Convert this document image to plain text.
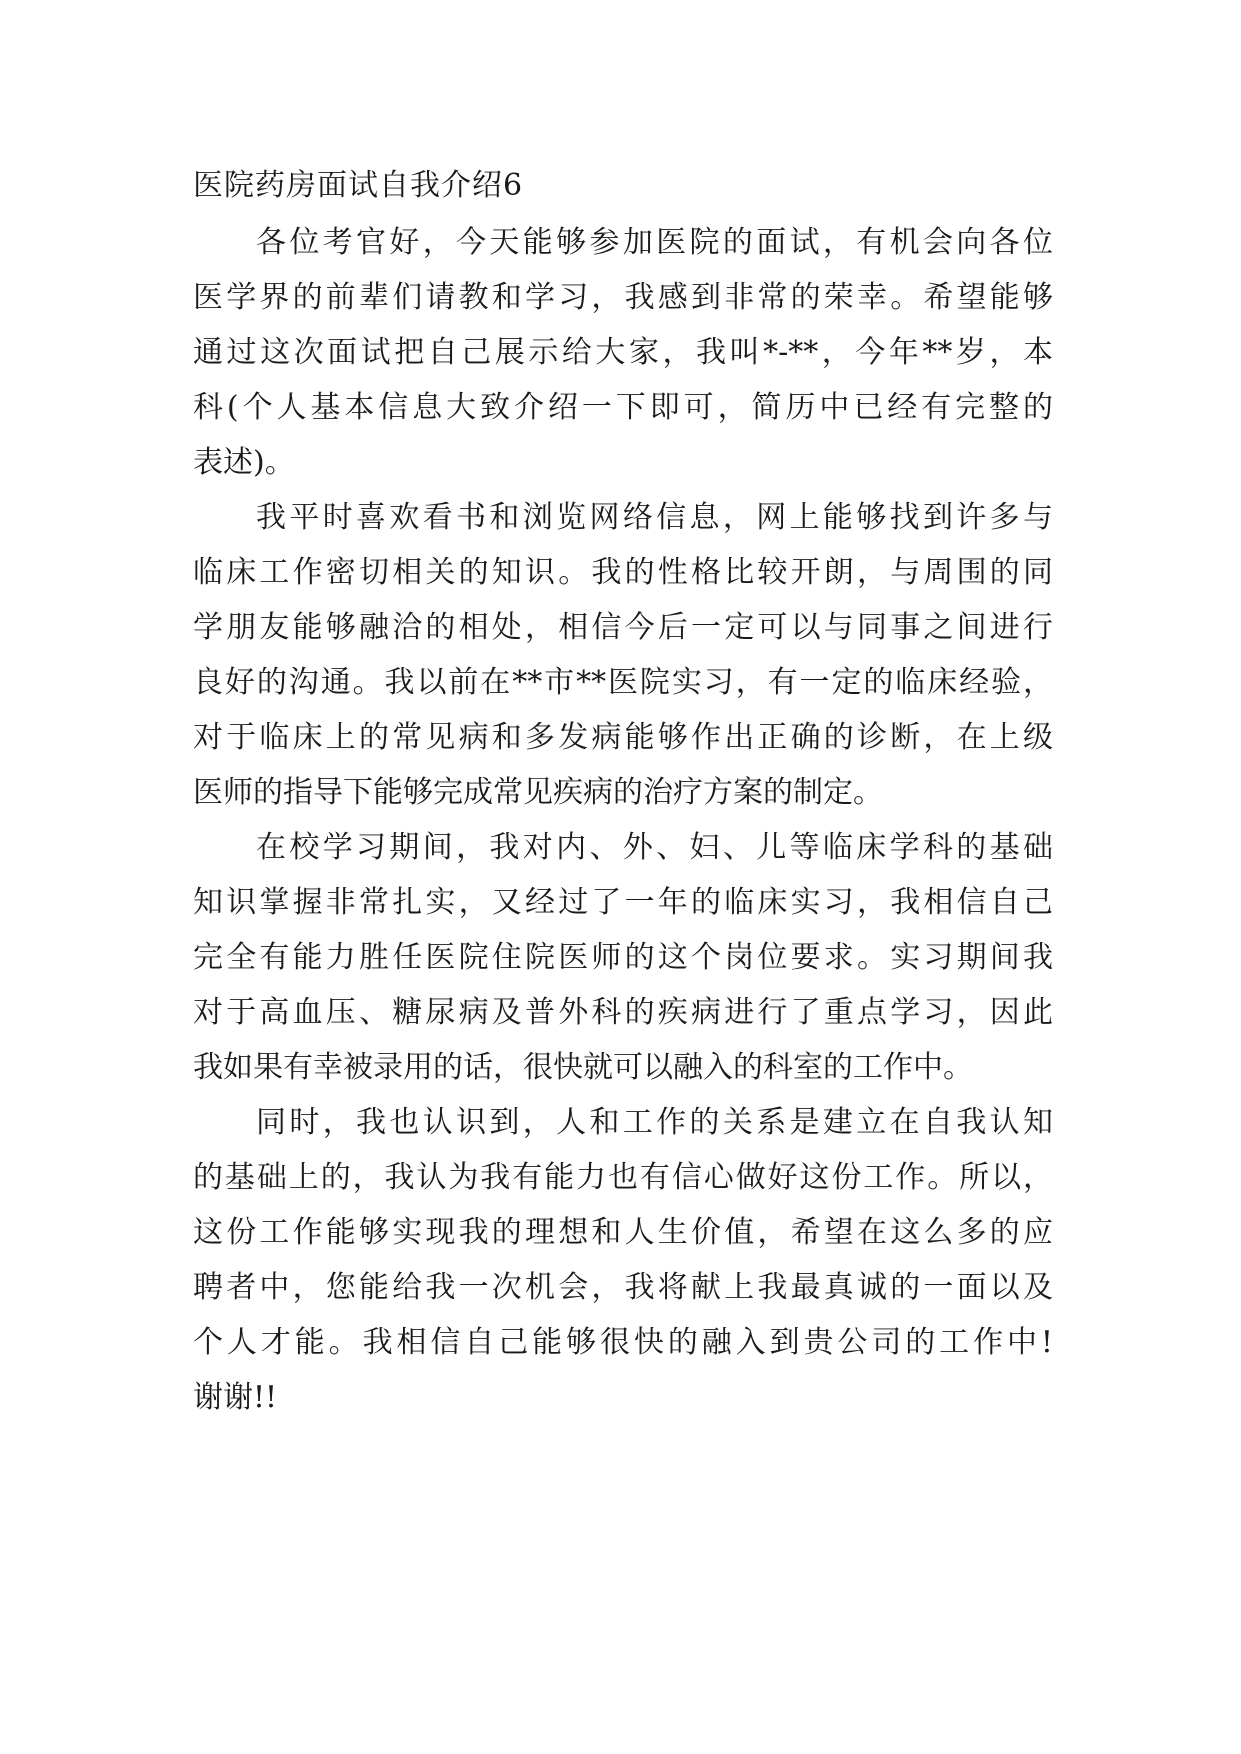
医院药房面试自我介绍6
各位考官好，今天能够参加医院的面试，有机会向各位
医学界的前辈们请教和学习，我感到非常的荣幸。希望能够
通过这次面试把自己展示给大家，我叫*-**，今年**岁，本
科(个人基本信息大致介绍一下即可，简历中已经有完整的
表述)。
我平时喜欢看书和浏览网络信息，网上能够找到许多与
临床工作密切相关的知识。我的性格比较开朗，与周围的同
学朋友能够融洽的相处，相信今后一定可以与同事之间进行
良好的沟通。我以前在**市**医院实习，有一定的临床经验，
对于临床上的常见病和多发病能够作出正确的诊断，在上级
医师的指导下能够完成常见疾病的治疗方案的制定。
在校学习期间，我对内、外、妇、儿等临床学科的基础
知识掌握非常扎实，又经过了一年的临床实习，我相信自己
完全有能力胜任医院住院医师的这个岗位要求。实习期间我
对于高血压、糖尿病及普外科的疾病进行了重点学习，因此
我如果有幸被录用的话，很快就可以融入的科室的工作中。
同时，我也认识到，人和工作的关系是建立在自我认知
的基础上的，我认为我有能力也有信心做好这份工作。所以，
这份工作能够实现我的理想和人生价值，希望在这么多的应
聘者中，您能给我一次机会，我将献上我最真诚的一面以及
个人才能。我相信自己能够很快的融入到贵公司的工作中!
谢谢!!
